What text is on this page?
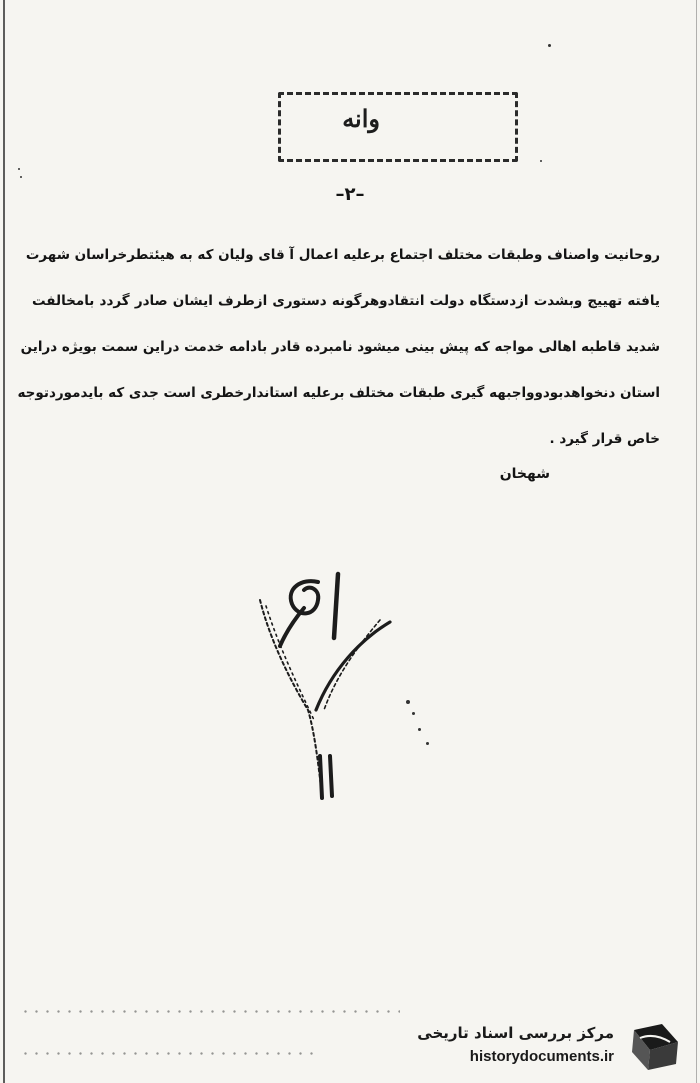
وانه
–۲–
روحانیت واصناف وطبقات مختلف اجتماع برعلیه اعمال آ قای ولیان که به هیئتطرخراسان شهرت
یافته تهییج وبشدت ازدستگاه دولت انتقادوهرگونه دستوری ازطرف ایشان صادر گردد بامخالفت
شدید قاطبه اهالی مواجه که پیش بینی میشود نامبرده قادر بادامه خدمت دراین سمت بویژه دراین
استان دنخواهدبودوواجبهه گیری طبقات مختلف برعلیه استاندارخطری است جدی که بایدموردتوجه
خاص قرار گیرد .
شهخان
مرکز بررسی اسناد تاریخی
historydocuments.ir
